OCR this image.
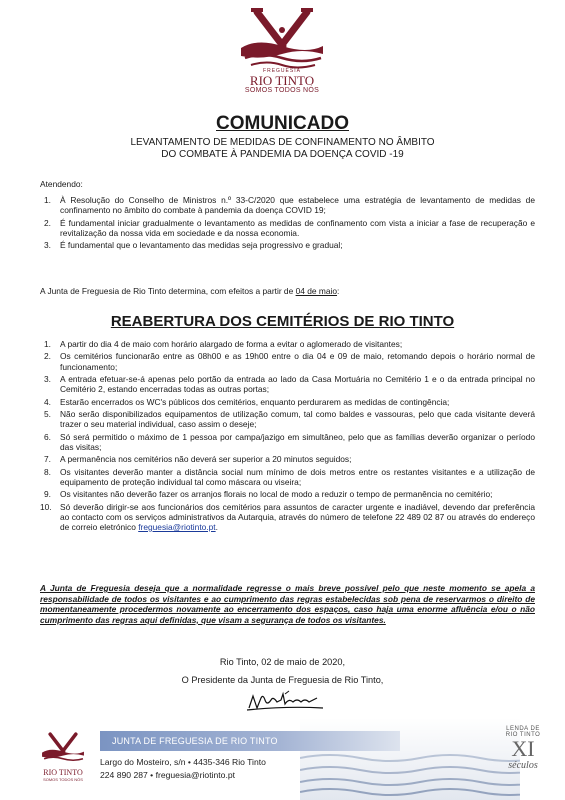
FREGUESIA
RIO TINTO
SOMOS TODOS NÓS
COMUNICADO
LEVANTAMENTO DE MEDIDAS DE CONFINAMENTO NO ÂMBITO
DO COMBATE À PANDEMIA DA DOENÇA COVID -19
Atendendo:
1.	À Resolução do Conselho de Ministros n.º 33-C/2020 que estabelece uma estratégia de levantamento de medidas de confinamento no âmbito do combate à pandemia da doença COVID 19;
2.	É fundamental iniciar gradualmente o levantamento as medidas de confinamento com vista a iniciar a fase de recuperação e revitalização da nossa vida em sociedade e da nossa economia.
3.	É fundamental que o levantamento das medidas seja progressivo e gradual;
A Junta de Freguesia de Rio Tinto determina, com efeitos a partir de 04 de maio:
REABERTURA DOS CEMITÉRIOS DE RIO TINTO
1.	A partir do dia 4 de maio com horário alargado de forma a evitar o aglomerado de visitantes;
2.	Os cemitérios funcionarão entre as 08h00 e as 19h00 entre o dia 04 e 09 de maio, retomando depois o horário normal de funcionamento;
3.	A entrada efetuar-se-á apenas pelo portão da entrada ao lado da Casa Mortuária no Cemitério 1 e o da entrada principal no Cemitério 2, estando encerradas todas as outras portas;
4.	Estarão encerrados os WC's públicos dos cemitérios, enquanto perdurarem as medidas de contingência;
5.	Não serão disponibilizados equipamentos de utilização comum, tal como baldes e vassouras, pelo que cada visitante deverá trazer o seu material individual, caso assim o deseje;
6.	Só será permitido o máximo de 1 pessoa por campa/jazigo em simultâneo, pelo que as famílias deverão organizar o período das visitas;
7.	A permanência nos cemitérios não deverá ser superior a 20 minutos seguidos;
8.	Os visitantes deverão manter a distância social num mínimo de dois metros entre os restantes visitantes e a utilização de equipamento de proteção individual tal como máscara ou viseira;
9.	Os visitantes não deverão fazer os arranjos florais no local de modo a reduzir o tempo de permanência no cemitério;
10. Só deverão dirigir-se aos funcionários dos cemitérios para assuntos de caracter urgente e inadiável, devendo dar preferência ao contacto com os serviços administrativos da Autarquia, através do número de telefone 22 489 02 87 ou através do endereço de correio eletrónico freguesia@riotinto.pt.
A Junta de Freguesia deseja que a normalidade regresse o mais breve possível pelo que neste momento se apela a responsabilidade de todos os visitantes e ao cumprimento das regras estabelecidas sob pena de reservarmos o direito de momentaneamente procedermos novamente ao encerramento dos espaços, caso haja uma enorme afluência e/ou o não cumprimento das regras aqui definidas, que visam a segurança de todos os visitantes.
Rio Tinto, 02 de maio de 2020,
O Presidente da Junta de Freguesia de Rio Tinto,
RIO TINTO
SOMOS TODOS NÓS
JUNTA DE FREGUESIA DE RIO TINTO
Largo do Mosteiro, s/n • 4435-346 Rio Tinto
224 890 287 • freguesia@riotinto.pt
LENDA DE
RIO TINTO
XI
séculos
